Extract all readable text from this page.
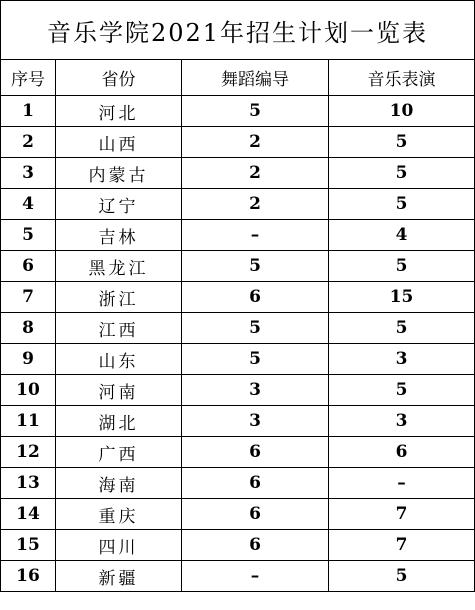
音乐学院2021年招生计划一览表			
序号	省份	舞蹈编导	音乐表演
1	河北	5	10
2	山西	2	5
3	内蒙古	2	5
4	辽宁	2	5
5	吉林	–	4
6	黑龙江	5	5
7	浙江	6	15
8	江西	5	5
9	山东	5	3
10	河南	3	5
11	湖北	3	3
12	广西	6	6
13	海南	6	–
14	重庆	6	7
15	四川	6	7
16	新疆	–	5
